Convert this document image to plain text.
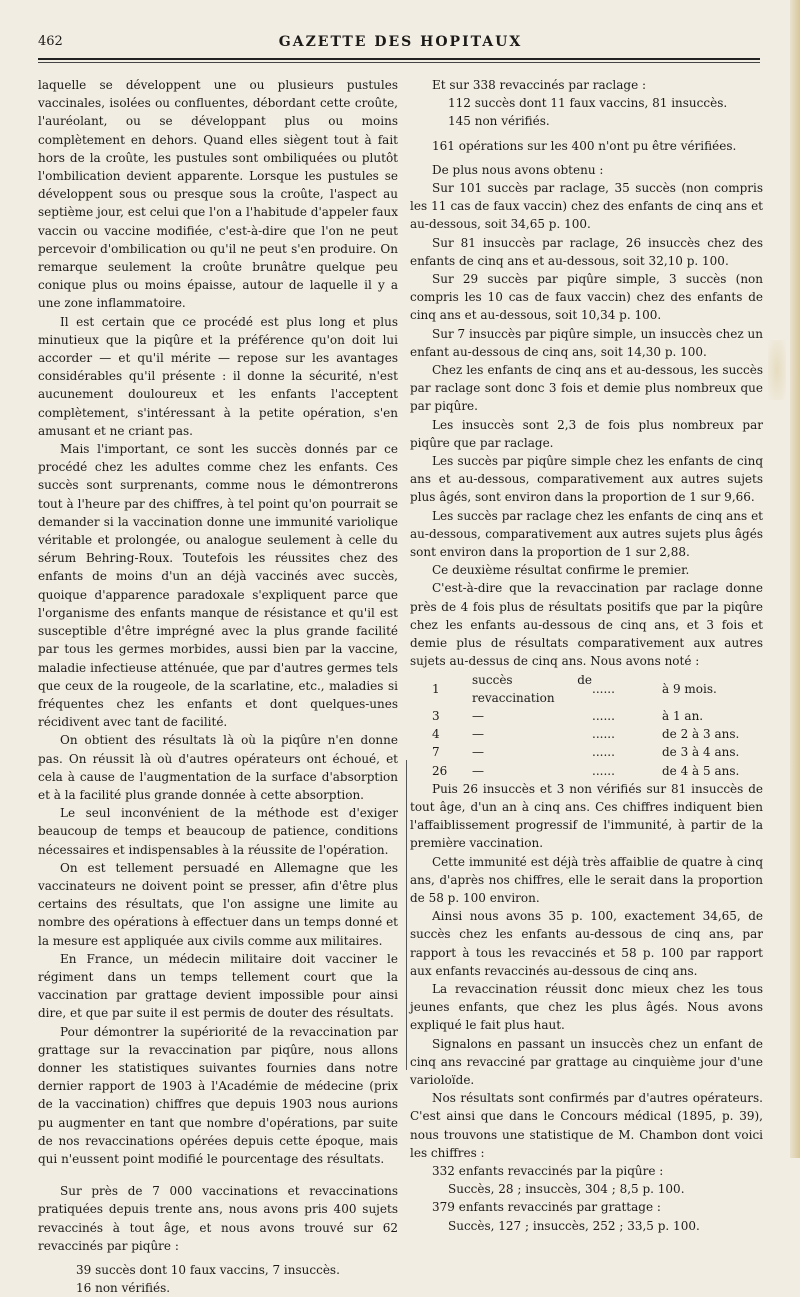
462	GAZETTE DES HOPITAUX

laquelle se développent une ou plusieurs pustules vaccinales, isolées ou confluentes, débordant cette croûte, l'auréolant, ou se développant plus ou moins complètement en dehors. Quand elles siègent tout à fait hors de la croûte, les pustules sont ombiliquées ou plutôt l'ombilication devient apparente. Lorsque les pustules se développent sous ou presque sous la croûte, l'aspect au septième jour, est celui que l'on a l'habitude d'appeler faux vaccin ou vaccine modifiée, c'est-à-dire que l'on ne peut percevoir d'ombilication ou qu'il ne peut s'en produire. On remarque seulement la croûte brunâtre quelque peu conique plus ou moins épaisse, autour de laquelle il y a une zone inflammatoire.

Il est certain que ce procédé est plus long et plus minutieux que la piqûre et la préférence qu'on doit lui accorder — et qu'il mérite — repose sur les avantages considérables qu'il présente : il donne la sécurité, n'est aucunement douloureux et les enfants l'acceptent complètement, s'intéressant à la petite opération, s'en amusant et ne criant pas.

Mais l'important, ce sont les succès donnés par ce procédé chez les adultes comme chez les enfants. Ces succès sont surprenants, comme nous le démontrerons tout à l'heure par des chiffres, à tel point qu'on pourrait se demander si la vaccination donne une immunité variolique véritable et prolongée, ou analogue seulement à celle du sérum Behring-Roux. Toutefois les réussites chez des enfants de moins d'un an déjà vaccinés avec succès, quoique d'apparence paradoxale s'expliquent parce que l'organisme des enfants manque de résistance et qu'il est susceptible d'être imprégné avec la plus grande facilité par tous les germes morbides, aussi bien par la vaccine, maladie infectieuse atténuée, que par d'autres germes tels que ceux de la rougeole, de la scarlatine, etc., maladies si fréquentes chez les enfants et dont quelques-unes récidivent avec tant de facilité.

On obtient des résultats là où la piqûre n'en donne pas. On réussit là où d'autres opérateurs ont échoué, et cela à cause de l'augmentation de la surface d'absorption et à la facilité plus grande donnée à cette absorption.

Le seul inconvénient de la méthode est d'exiger beaucoup de temps et beaucoup de patience, conditions nécessaires et indispensables à la réussite de l'opération.

On est tellement persuadé en Allemagne que les vaccinateurs ne doivent point se presser, afin d'être plus certains des résultats, que l'on assigne une limite au nombre des opérations à effectuer dans un temps donné et la mesure est appliquée aux civils comme aux militaires.

En France, un médecin militaire doit vacciner le régiment dans un temps tellement court que la vaccination par grattage devient impossible pour ainsi dire, et que par suite il est permis de douter des résultats.

Pour démontrer la supériorité de la revaccination par grattage sur la revaccination par piqûre, nous allons donner les statistiques suivantes fournies dans notre dernier rapport de 1903 à l'Académie de médecine (prix de la vaccination) chiffres que depuis 1903 nous aurions pu augmenter en tant que nombre d'opérations, par suite de nos revaccinations opérées depuis cette époque, mais qui n'eussent point modifié le pourcentage des résultats.

Sur près de 7 000 vaccinations et revaccinations pratiquées depuis trente ans, nous avons pris 400 sujets revaccinés à tout âge, et nous avons trouvé sur 62 revaccinés par piqûre :

39 succès dont 10 faux vaccins, 7 insuccès.

16 non vérifiés.

Et sur 338 revaccinés par raclage :

112 succès dont 11 faux vaccins, 81 insuccès.

145 non vérifiés.

161 opérations sur les 400 n'ont pu être vérifiées.

De plus nous avons obtenu :

Sur 101 succès par raclage, 35 succès (non compris les 11 cas de faux vaccin) chez des enfants de cinq ans et au-dessous, soit 34,65 p. 100.

Sur 81 insuccès par raclage, 26 insuccès chez des enfants de cinq ans et au-dessous, soit 32,10 p. 100.

Sur 29 succès par piqûre simple, 3 succès (non compris les 10 cas de faux vaccin) chez des enfants de cinq ans et au-dessous, soit 10,34 p. 100.

Sur 7 insuccès par piqûre simple, un insuccès chez un enfant au-dessous de cinq ans, soit 14,30 p. 100.

Chez les enfants de cinq ans et au-dessous, les succès par raclage sont donc 3 fois et demie plus nombreux que par piqûre.

Les insuccès sont 2,3 de fois plus nombreux par piqûre que par raclage.

Les succès par piqûre simple chez les enfants de cinq ans et au-dessous, comparativement aux autres sujets plus âgés, sont environ dans la proportion de 1 sur 9,66.

Les succès par raclage chez les enfants de cinq ans et au-dessous, comparativement aux autres sujets plus âgés sont environ dans la proportion de 1 sur 2,88.

Ce deuxième résultat confirme le premier.

C'est-à-dire que la revaccination par raclage donne près de 4 fois plus de résultats positifs que par la piqûre chez les enfants au-dessous de cinq ans, et 3 fois et demie plus de résultats comparativement aux autres sujets au-dessus de cinq ans. Nous avons noté :

1	succès de revaccination	......	à 9 mois.
3	—	......	à 1 an.
4	—	......	de 2 à 3 ans.
7	—	......	de 3 à 4 ans.
26	—	......	de 4 à 5 ans.

Puis 26 insuccès et 3 non vérifiés sur 81 insuccès de tout âge, d'un an à cinq ans. Ces chiffres indiquent bien l'affaiblissement progressif de l'immunité, à partir de la première vaccination.

Cette immunité est déjà très affaiblie de quatre à cinq ans, d'après nos chiffres, elle le serait dans la proportion de 58 p. 100 environ.

Ainsi nous avons 35 p. 100, exactement 34,65, de succès chez les enfants au-dessous de cinq ans, par rapport à tous les revaccinés et 58 p. 100 par rapport aux enfants revaccinés au-dessous de cinq ans.

La revaccination réussit donc mieux chez les tous jeunes enfants, que chez les plus âgés. Nous avons expliqué le fait plus haut.

Signalons en passant un insuccès chez un enfant de cinq ans revacciné par grattage au cinquième jour d'une varioloïde.

Nos résultats sont confirmés par d'autres opérateurs. C'est ainsi que dans le Concours médical (1895, p. 39), nous trouvons une statistique de M. Chambon dont voici les chiffres :

332 enfants revaccinés par la piqûre :

Succès, 28 ; insuccès, 304 ; 8,5 p. 100.

379 enfants revaccinés par grattage :

Succès, 127 ; insuccès, 252 ; 33,5 p. 100.
